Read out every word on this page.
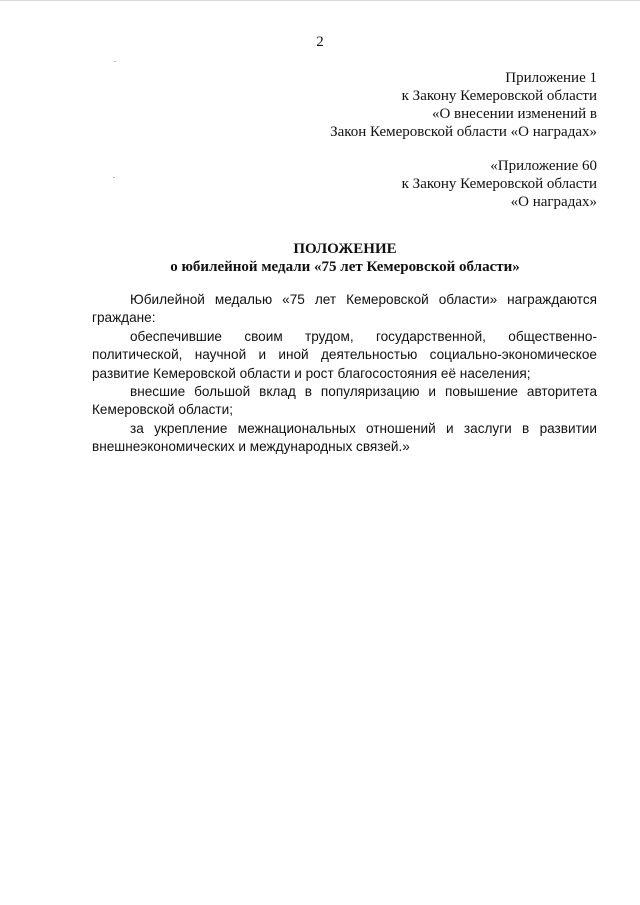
2
Приложение 1
к Закону Кемеровской области
«О внесении изменений в
Закон Кемеровской области «О наградах»
«Приложение 60
к Закону Кемеровской области
«О наградах»
ПОЛОЖЕНИЕ
о юбилейной медали «75 лет Кемеровской области»

Юбилейной медалью «75 лет Кемеровской области» награждаются граждане:

обеспечившие своим трудом, государственной, общественно-политической, научной и иной деятельностью социально-экономическое развитие Кемеровской области и рост благосостояния её населения;

внесшие большой вклад в популяризацию и повышение авторитета Кемеровской области;

за укрепление межнациональных отношений и заслуги в развитии внешнеэкономических и международных связей.»
